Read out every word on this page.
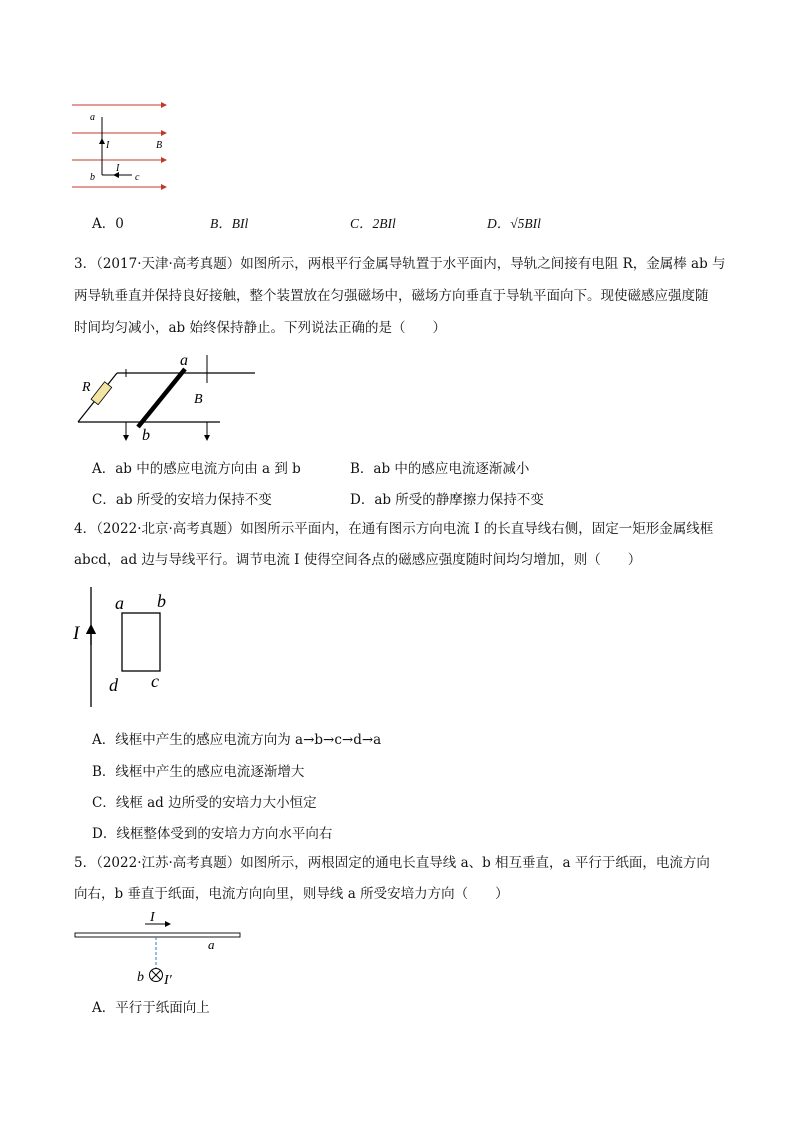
a
I	B
I
b	c
A．0	B．BIl	C．2BIl	D．√5BIl
3．（2017·天津·高考真题）如图所示，两根平行金属导轨置于水平面内，导轨之间接有电阻 R，金属棒 ab 与
两导轨垂直并保持良好接触，整个装置放在匀强磁场中，磁场方向垂直于导轨平面向下。现使磁感应强度随
时间均匀减小，ab 始终保持静止。下列说法正确的是（　　）
a
R
B
b
A．ab 中的感应电流方向由 a 到 b	B．ab 中的感应电流逐渐减小
C．ab 所受的安培力保持不变	D．ab 所受的静摩擦力保持不变
4．（2022·北京·高考真题）如图所示平面内，在通有图示方向电流 I 的长直导线右侧，固定一矩形金属线框
abcd，ad 边与导线平行。调节电流 I 使得空间各点的磁感应强度随时间均匀增加，则（　　）
I
a b
c
d
A．线框中产生的感应电流方向为 a→b→c→d→a
B．线框中产生的感应电流逐渐增大
C．线框 ad 边所受的安培力大小恒定
D．线框整体受到的安培力方向水平向右
5．（2022·江苏·高考真题）如图所示，两根固定的通电长直导线 a、b 相互垂直，a 平行于纸面，电流方向
向右，b 垂直于纸面，电流方向向里，则导线 a 所受安培力方向（　　）
I
a
b I′
A．平行于纸面向上
